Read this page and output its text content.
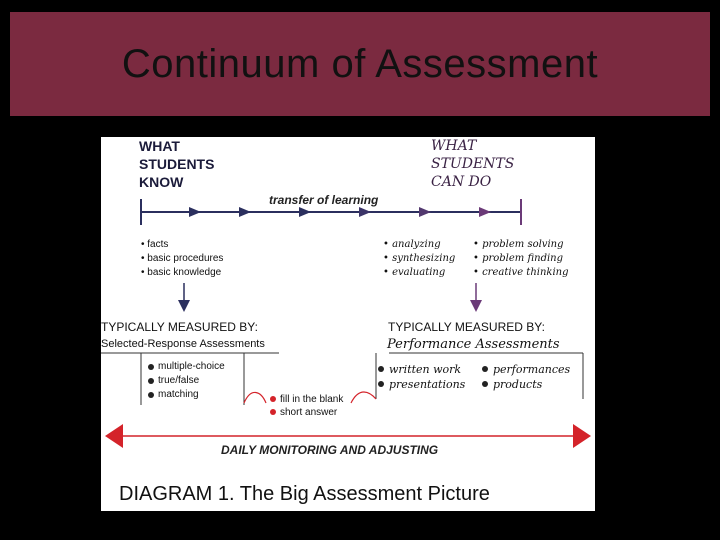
Continuum of Assessment
WHAT
STUDENTS
KNOW
WHAT
STUDENTS
CAN DO
transfer of learning
• facts
• basic procedures
• basic knowledge
• analyzing
• synthesizing
• evaluating
• problem solving
• problem finding
• creative thinking
TYPICALLY MEASURED BY:
Selected-Response Assessments
TYPICALLY MEASURED BY:
Performance Assessments
multiple-choice
true/false
matching
written work
presentations
performances
products
fill in the blank
short answer
DAILY MONITORING AND ADJUSTING
DIAGRAM 1. The Big Assessment Picture
